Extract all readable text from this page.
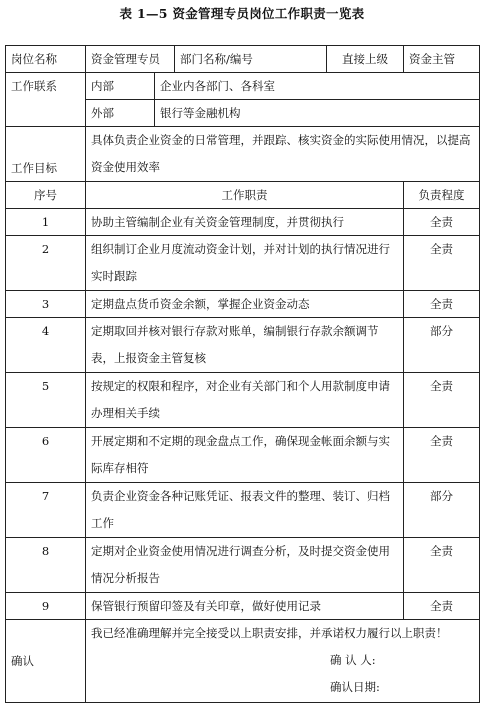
表 1—5 资金管理专员岗位工作职责一览表
岗位名称	资金管理专员		部门名称/编号	直接上级	资金主管
工作联系	内部	企业内各部门、各科室			
	外部	银行等金融机构			
工作目标	具体负责企业资金的日常管理，并跟踪、核实资金的实际使用情况，以提高资金使用效率				
序号	工作职责				负责程度
1	协助主管编制企业有关资金管理制度，并贯彻执行				全责
2	组织制订企业月度流动资金计划，并对计划的执行情况进行实时跟踪				全责
3	定期盘点货币资金余额，掌握企业资金动态				全责
4	定期取回并核对银行存款对账单，编制银行存款余额调节表，上报资金主管复核				部分
5	按规定的权限和程序，对企业有关部门和个人用款制度申请办理相关手续				全责
6	开展定期和不定期的现金盘点工作，确保现金帐面余额与实际库存相符				全责
7	负责企业资金各种记账凭证、报表文件的整理、装订、归档工作				部分
8	定期对企业资金使用情况进行调查分析，及时提交资金使用情况分析报告				全责
9	保管银行预留印签及有关印章，做好使用记录				全责
确认	我已经准确理解并完全接受以上职责安排，并承诺权力履行以上职责！
确 认 人:
确认日期:				
